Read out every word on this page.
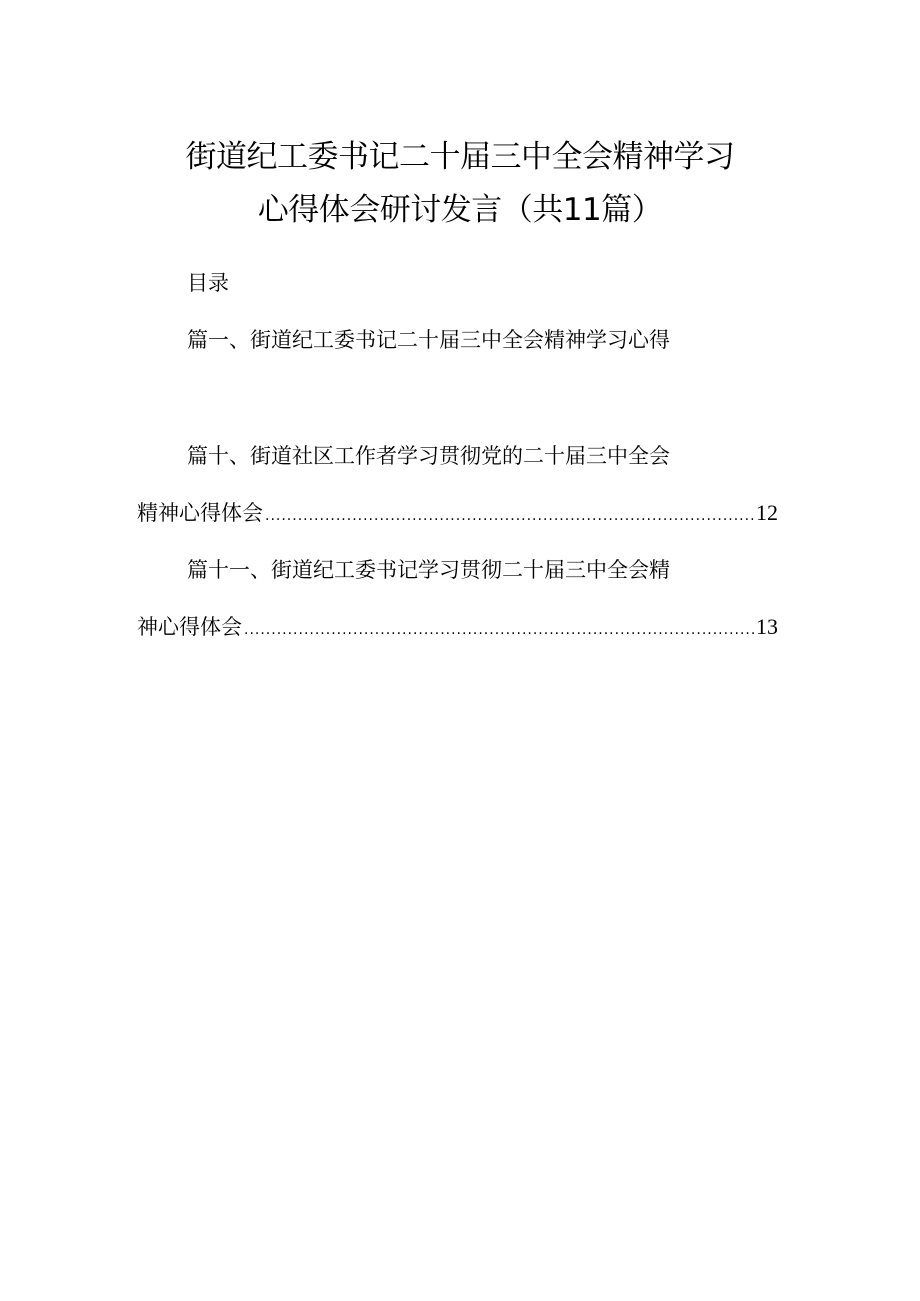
街道纪工委书记二十届三中全会精神学习
心得体会研讨发言（共11篇）
目录
篇一、街道纪工委书记二十届三中全会精神学习心得
篇十、街道社区工作者学习贯彻党的二十届三中全会
精神心得体会 .....	12
篇十一、街道纪工委书记学习贯彻二十届三中全会精
神心得体会 .....	13
